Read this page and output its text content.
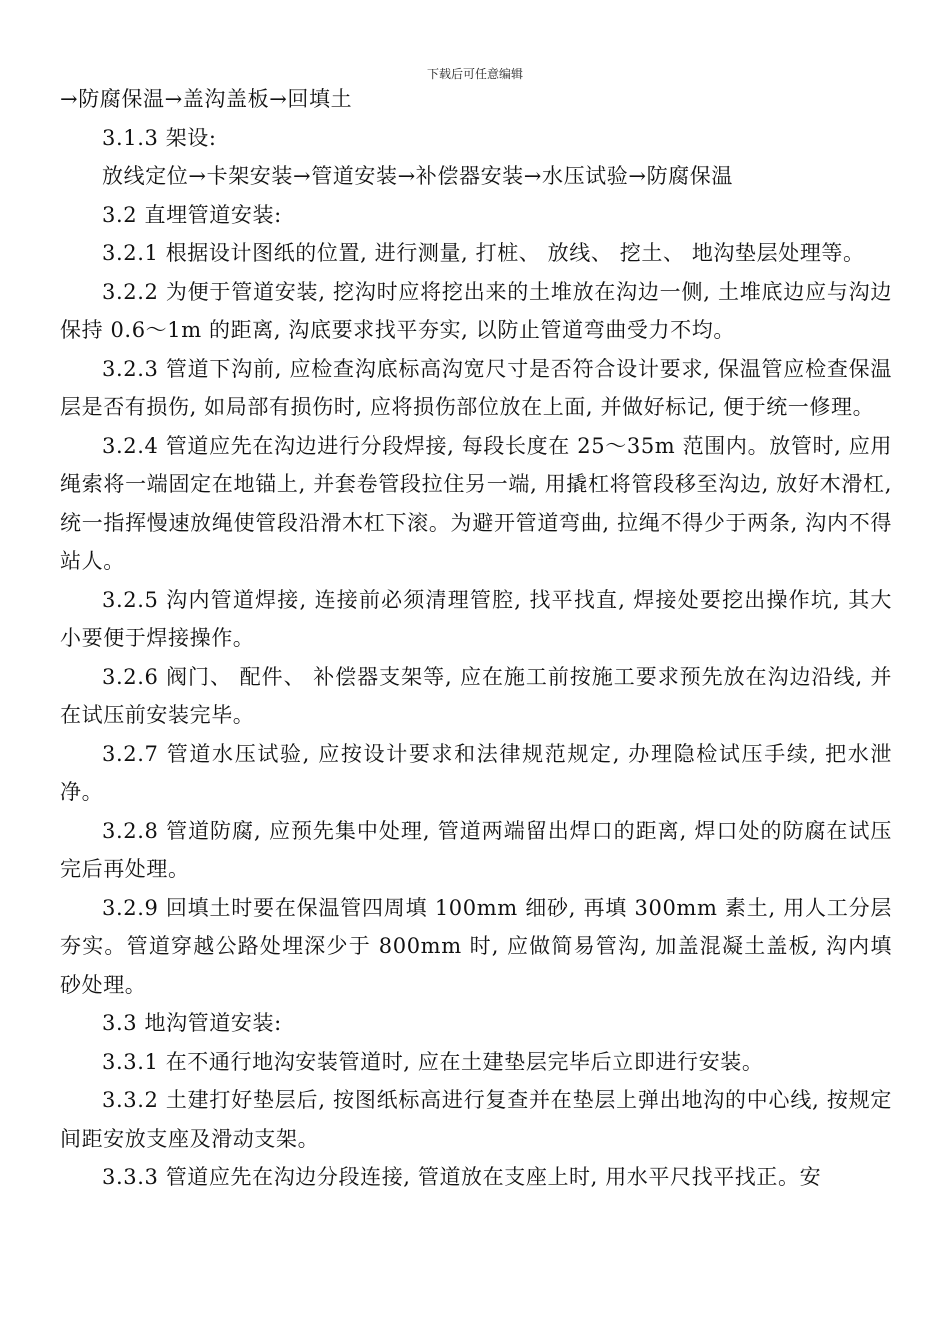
下载后可任意编辑

→防腐保温→盖沟盖板→回填土

3.1.3 架设:

放线定位→卡架安装→管道安装→补偿器安装→水压试验→防腐保温

3.2 直埋管道安装:

3.2.1 根据设计图纸的位置, 进行测量, 打桩、 放线、 挖土、 地沟垫层处理等。

3.2.2 为便于管道安装, 挖沟时应将挖出来的土堆放在沟边一侧, 土堆底边应与沟边保持 0.6～1m 的距离, 沟底要求找平夯实, 以防止管道弯曲受力不均。

3.2.3 管道下沟前, 应检查沟底标高沟宽尺寸是否符合设计要求, 保温管应检查保温层是否有损伤, 如局部有损伤时, 应将损伤部位放在上面, 并做好标记, 便于统一修理。

3.2.4 管道应先在沟边进行分段焊接, 每段长度在 25～35m 范围内。放管时, 应用绳索将一端固定在地锚上, 并套卷管段拉住另一端, 用撬杠将管段移至沟边, 放好木滑杠, 统一指挥慢速放绳使管段沿滑木杠下滚。为避开管道弯曲, 拉绳不得少于两条, 沟内不得站人。

3.2.5 沟内管道焊接, 连接前必须清理管腔, 找平找直, 焊接处要挖出操作坑, 其大小要便于焊接操作。

3.2.6 阀门、 配件、 补偿器支架等, 应在施工前按施工要求预先放在沟边沿线, 并在试压前安装完毕。

3.2.7 管道水压试验, 应按设计要求和法律规范规定, 办理隐检试压手续, 把水泄净。

3.2.8 管道防腐, 应预先集中处理, 管道两端留出焊口的距离, 焊口处的防腐在试压完后再处理。

3.2.9 回填土时要在保温管四周填 100mm 细砂, 再填 300mm 素土, 用人工分层夯实。管道穿越公路处埋深少于 800mm 时, 应做简易管沟, 加盖混凝土盖板, 沟内填砂处理。

3.3 地沟管道安装:

3.3.1 在不通行地沟安装管道时, 应在土建垫层完毕后立即进行安装。

3.3.2 土建打好垫层后, 按图纸标高进行复查并在垫层上弹出地沟的中心线, 按规定间距安放支座及滑动支架。

3.3.3 管道应先在沟边分段连接, 管道放在支座上时, 用水平尺找平找正。安
